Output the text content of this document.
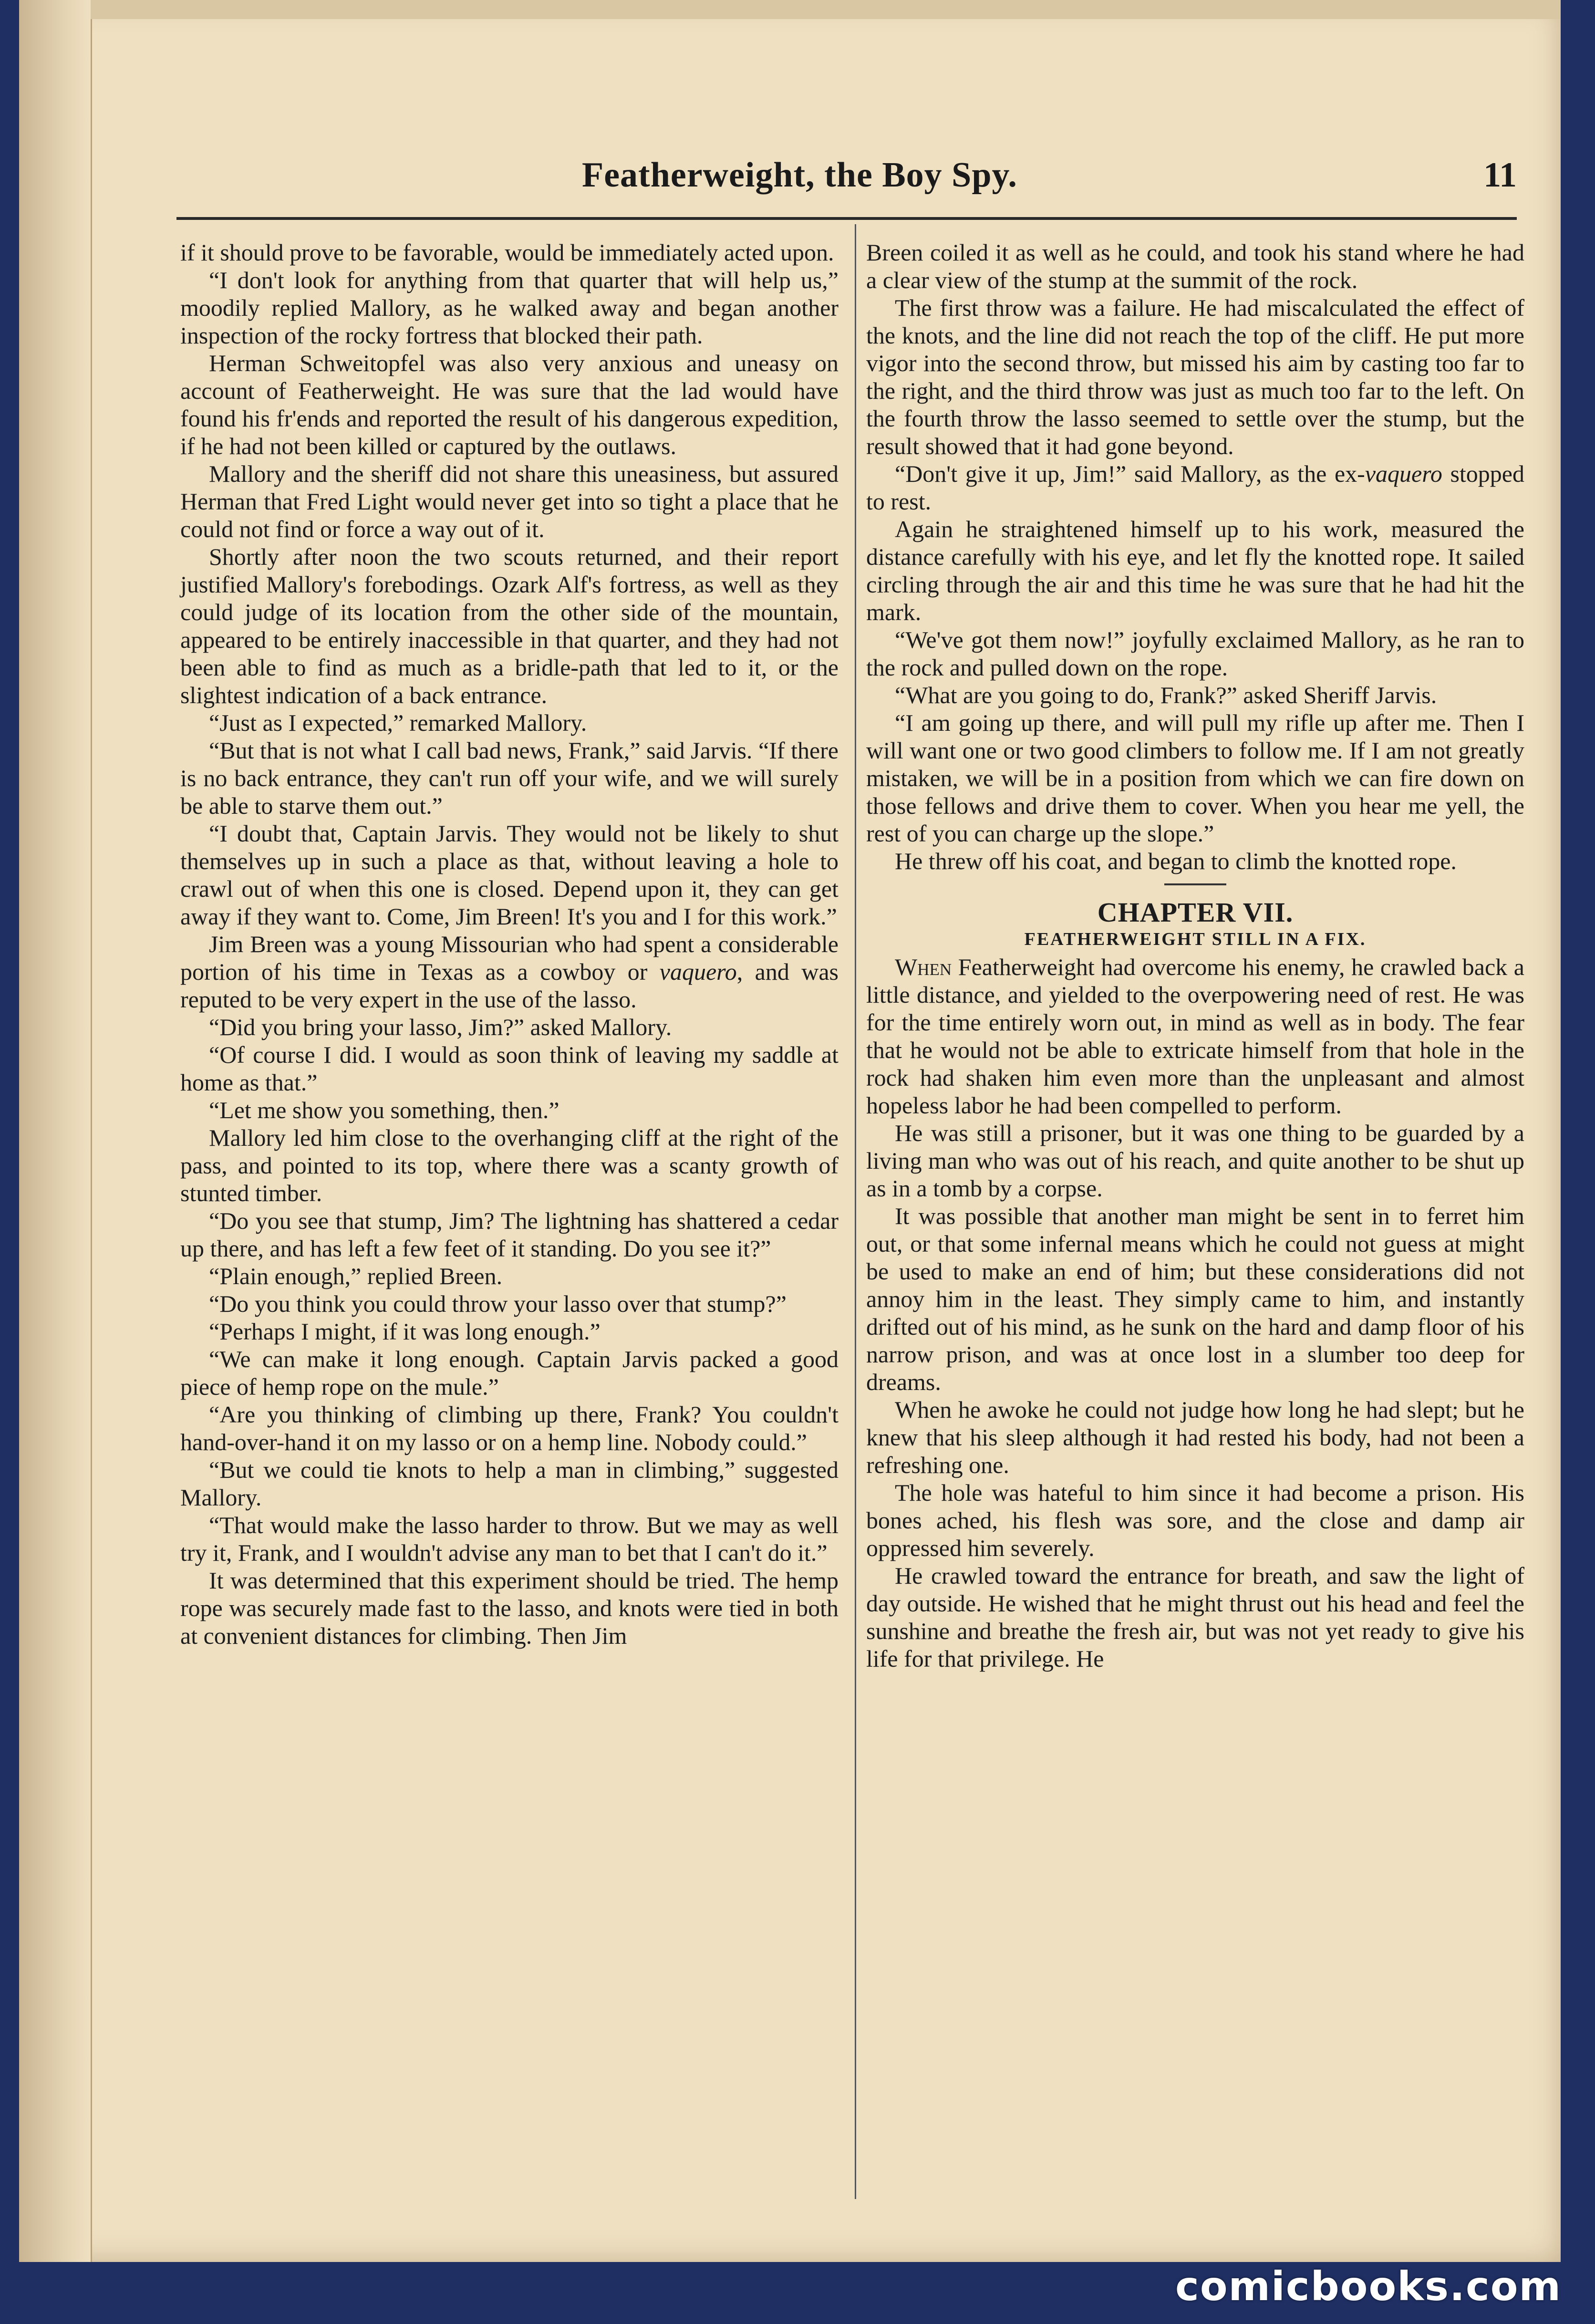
Featherweight, the Boy Spy.	11

if it should prove to be favorable, would be immediately acted upon.

“I don't look for anything from that quarter that will help us,” moodily replied Mallory, as he walked away and began another inspection of the rocky fortress that blocked their path.

Herman Schweitopfel was also very anxious and uneasy on account of Featherweight. He was sure that the lad would have found his fr'ends and reported the result of his dangerous expedition, if he had not been killed or captured by the outlaws.

Mallory and the sheriff did not share this uneasiness, but assured Herman that Fred Light would never get into so tight a place that he could not find or force a way out of it.

Shortly after noon the two scouts returned, and their report justified Mallory's forebodings. Ozark Alf's fortress, as well as they could judge of its location from the other side of the mountain, appeared to be entirely inaccessible in that quarter, and they had not been able to find as much as a bridle-path that led to it, or the slightest indication of a back entrance.

“Just as I expected,” remarked Mallory.

“But that is not what I call bad news, Frank,” said Jarvis. “If there is no back entrance, they can't run off your wife, and we will surely be able to starve them out.”

“I doubt that, Captain Jarvis. They would not be likely to shut themselves up in such a place as that, without leaving a hole to crawl out of when this one is closed. Depend upon it, they can get away if they want to. Come, Jim Breen! It's you and I for this work.”

Jim Breen was a young Missourian who had spent a considerable portion of his time in Texas as a cowboy or vaquero, and was reputed to be very expert in the use of the lasso.

“Did you bring your lasso, Jim?” asked Mallory.

“Of course I did. I would as soon think of leaving my saddle at home as that.”

“Let me show you something, then.”

Mallory led him close to the overhanging cliff at the right of the pass, and pointed to its top, where there was a scanty growth of stunted timber.

“Do you see that stump, Jim? The lightning has shattered a cedar up there, and has left a few feet of it standing. Do you see it?”

“Plain enough,” replied Breen.

“Do you think you could throw your lasso over that stump?”

“Perhaps I might, if it was long enough.”

“We can make it long enough. Captain Jarvis packed a good piece of hemp rope on the mule.”

“Are you thinking of climbing up there, Frank? You couldn't hand-over-hand it on my lasso or on a hemp line. Nobody could.”

“But we could tie knots to help a man in climbing,” suggested Mallory.

“That would make the lasso harder to throw. But we may as well try it, Frank, and I wouldn't advise any man to bet that I can't do it.”

It was determined that this experiment should be tried. The hemp rope was securely made fast to the lasso, and knots were tied in both at convenient distances for climbing. Then Jim

Breen coiled it as well as he could, and took his stand where he had a clear view of the stump at the summit of the rock.

The first throw was a failure. He had miscalculated the effect of the knots, and the line did not reach the top of the cliff. He put more vigor into the second throw, but missed his aim by casting too far to the right, and the third throw was just as much too far to the left. On the fourth throw the lasso seemed to settle over the stump, but the result showed that it had gone beyond.

“Don't give it up, Jim!” said Mallory, as the ex-vaquero stopped to rest.

Again he straightened himself up to his work, measured the distance carefully with his eye, and let fly the knotted rope. It sailed circling through the air and this time he was sure that he had hit the mark.

“We've got them now!” joyfully exclaimed Mallory, as he ran to the rock and pulled down on the rope.

“What are you going to do, Frank?” asked Sheriff Jarvis.

“I am going up there, and will pull my rifle up after me. Then I will want one or two good climbers to follow me. If I am not greatly mistaken, we will be in a position from which we can fire down on those fellows and drive them to cover. When you hear me yell, the rest of you can charge up the slope.”

He threw off his coat, and began to climb the knotted rope.

CHAPTER VII.
FEATHERWEIGHT STILL IN A FIX.

When Featherweight had overcome his enemy, he crawled back a little distance, and yielded to the overpowering need of rest. He was for the time entirely worn out, in mind as well as in body. The fear that he would not be able to extricate himself from that hole in the rock had shaken him even more than the unpleasant and almost hopeless labor he had been compelled to perform.

He was still a prisoner, but it was one thing to be guarded by a living man who was out of his reach, and quite another to be shut up as in a tomb by a corpse.

It was possible that another man might be sent in to ferret him out, or that some infernal means which he could not guess at might be used to make an end of him; but these considerations did not annoy him in the least. They simply came to him, and instantly drifted out of his mind, as he sunk on the hard and damp floor of his narrow prison, and was at once lost in a slumber too deep for dreams.

When he awoke he could not judge how long he had slept; but he knew that his sleep although it had rested his body, had not been a refreshing one.

The hole was hateful to him since it had become a prison. His bones ached, his flesh was sore, and the close and damp air oppressed him severely.

He crawled toward the entrance for breath, and saw the light of day outside. He wished that he might thrust out his head and feel the sunshine and breathe the fresh air, but was not yet ready to give his life for that privilege. He

comicbooks.com
